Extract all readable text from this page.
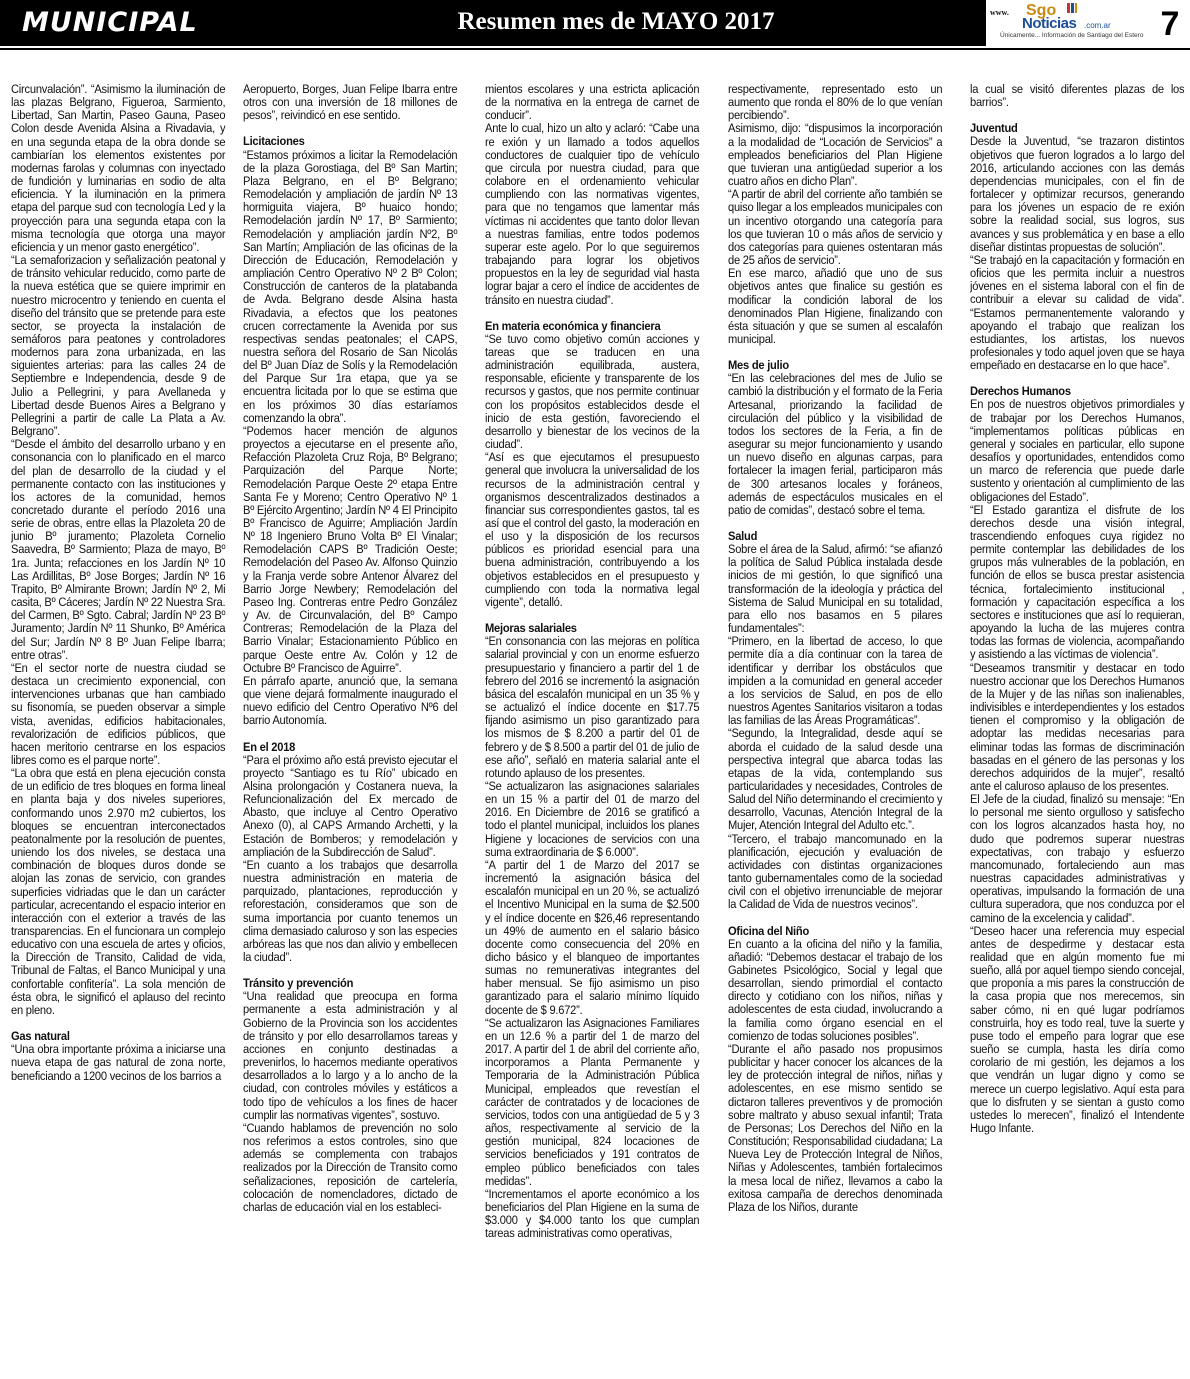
MUNICIPAL	Resumen mes de MAYO 2017	www. Sgo
Noticias .com.ar
Únicamente... Información de Santiago del Estero 7

Circunvalación”. “Asimismo la iluminación de las plazas Belgrano, Figueroa, Sarmiento, Libertad, San Martin, Paseo Gauna, Paseo Colon desde Avenida Alsina a Rivadavia, y en una segunda etapa de la obra donde se cambiarían los elementos existentes por modernas farolas y columnas con inyectado de fundición y luminarias en sodio de alta eficiencia. Y la iluminación en la primera etapa del parque sud con tecnología Led y la proyección para una segunda etapa con la misma tecnología que otorga una mayor eficiencia y un menor gasto energético”.

“La semaforizacion y señalización peatonal y de tránsito vehicular reducido, como parte de la nueva estética que se quiere imprimir en nuestro microcentro y teniendo en cuenta el diseño del tránsito que se pretende para este sector, se proyecta la instalación de semáforos para peatones y controladores modernos para zona urbanizada, en las siguientes arterias: para las calles 24 de Septiembre e Independencia, desde 9 de Julio a Pellegrini, y para Avellaneda y Libertad desde Buenos Aires a Belgrano y Pellegrini a partir de calle La Plata a Av. Belgrano”.

“Desde el ámbito del desarrollo urbano y en consonancia con lo planificado en el marco del plan de desarrollo de la ciudad y el permanente contacto con las instituciones y los actores de la comunidad, hemos concretado durante el período 2016 una serie de obras, entre ellas la Plazoleta 20 de junio Bº juramento; Plazoleta Cornelio Saavedra, Bº Sarmiento; Plaza de mayo, Bº 1ra. Junta; refacciones en los Jardín Nº 10 Las Ardillitas, Bº Jose Borges; Jardín Nº 16 Trapito, Bº Almirante Brown; Jardín Nº 2, Mi casita, Bº Cáceres; Jardín Nº 22 Nuestra Sra. del Carmen, Bº Sgto. Cabral; Jardín Nº 23 Bº Juramento; Jardín Nº 11 Shunko, Bº América del Sur; Jardín Nº 8 Bº Juan Felipe Ibarra; entre otras”.

“En el sector norte de nuestra ciudad se destaca un crecimiento exponencial, con intervenciones urbanas que han cambiado su fisonomía, se pueden observar a simple vista, avenidas, edificios habitacionales, revalorización de edificios públicos, que hacen meritorio centrarse en los espacios libres como es el parque norte”.

“La obra que está en plena ejecución consta de un edificio de tres bloques en forma lineal en planta baja y dos niveles superiores, conformando unos 2.970 m2 cubiertos, los bloques se encuentran interconectados peatonalmente por la resolución de puentes, uniendo los dos niveles, se destaca una combinación de bloques duros donde se alojan las zonas de servicio, con grandes superficies vidriadas que le dan un carácter particular, acrecentando el espacio interior en interacción con el exterior a través de las transparencias. En el funcionara un complejo educativo con una escuela de artes y oficios, la Dirección de Transito, Calidad de vida, Tribunal de Faltas, el Banco Municipal y una confortable confitería”. La sola mención de ésta obra, le significó el aplauso del recinto en pleno.

Gas natural

“Una obra importante próxima a iniciarse una nueva etapa de gas natural de zona norte, beneficiando a 1200 vecinos de los barrios a

Aeropuerto, Borges, Juan Felipe Ibarra entre otros con una inversión de 18 millones de pesos”, reivindicó en ese sentido.

Licitaciones

“Estamos próximos a licitar la Remodelación de la plaza Gorostiaga, del Bº San Martin; Plaza Belgrano, en el Bº Belgrano; Remodelación y ampliación de jardín Nº 13 hormiguita viajera, Bº huaico hondo; Remodelación jardín Nº 17, Bº Sarmiento; Remodelación y ampliación jardín Nº2, Bº San Martín; Ampliación de las oficinas de la Dirección de Educación, Remodelación y ampliación Centro Operativo Nº 2 Bº Colon; Construcción de canteros de la platabanda de Avda. Belgrano desde Alsina hasta Rivadavia, a efectos que los peatones crucen correctamente la Avenida por sus respectivas sendas peatonales; el CAPS, nuestra señora del Rosario de San Nicolás del Bº Juan Díaz de Solís y la Remodelación del Parque Sur 1ra etapa, que ya se encuentra licitada por lo que se estima que en los próximos 30 días estaríamos comenzando la obra”.

“Podemos hacer mención de algunos proyectos a ejecutarse en el presente año, Refacción Plazoleta Cruz Roja, Bº Belgrano; Parquización del Parque Norte; Remodelación Parque Oeste 2º etapa Entre Santa Fe y Moreno; Centro Operativo Nº 1 Bº Ejército Argentino; Jardín Nº 4 El Principito Bº Francisco de Aguirre; Ampliación Jardín Nº 18 Ingeniero Bruno Volta Bº El Vinalar; Remodelación CAPS Bº Tradición Oeste; Remodelación del Paseo Av. Alfonso Quinzio y la Franja verde sobre Antenor Álvarez del Barrio Jorge Newbery; Remodelación del Paseo Ing. Contreras entre Pedro González y Av. de Circunvalación, del Bº Campo Contreras; Remodelación de la Plaza del Barrio Vinalar; Estacionamiento Público en parque Oeste entre Av. Colón y 12 de Octubre Bº Francisco de Aguirre”.

En párrafo aparte, anunció que, la semana que viene dejará formalmente inaugurado el nuevo edificio del Centro Operativo Nº6 del barrio Autonomía.

En el 2018

“Para el próximo año está previsto ejecutar el proyecto “Santiago es tu Río” ubicado en Alsina prolongación y Costanera nueva, la Refuncionalización del Ex mercado de Abasto, que incluye al Centro Operativo Anexo (0), al CAPS Armando Archetti, y la Estación de Bomberos; y remodelación y ampliación de la Subdirección de Salud”.

“En cuanto a los trabajos que desarrolla nuestra administración en materia de parquizado, plantaciones, reproducción y reforestación, consideramos que son de suma importancia por cuanto tenemos un clima demasiado caluroso y son las especies arbóreas las que nos dan alivio y embellecen la ciudad”.

Tránsito y prevención

“Una realidad que preocupa en forma permanente a esta administración y al Gobierno de la Provincia son los accidentes de tránsito y por ello desarrollamos tareas y acciones en conjunto destinadas a prevenirlos, lo hacemos mediante operativos desarrollados a lo largo y a lo ancho de la ciudad, con controles móviles y estáticos a todo tipo de vehículos a los fines de hacer cumplir las normativas vigentes”, sostuvo.

“Cuando hablamos de prevención no solo nos referimos a estos controles, sino que además se complementa con trabajos realizados por la Dirección de Transito como señalizaciones, reposición de cartelería, colocación de nomencladores, dictado de charlas de educación vial en los estableci-

mientos escolares y una estricta aplicación de la normativa en la entrega de carnet de conducir”.

Ante lo cual, hizo un alto y aclaró: “Cabe una re exión y un llamado a todos aquellos conductores de cualquier tipo de vehículo que circula por nuestra ciudad, para que colabore en el ordenamiento vehicular cumpliendo con las normativas vigentes, para que no tengamos que lamentar más víctimas ni accidentes que tanto dolor llevan a nuestras familias, entre todos podemos superar este agelo. Por lo que seguiremos trabajando para lograr los objetivos propuestos en la ley de seguridad vial hasta lograr bajar a cero el índice de accidentes de tránsito en nuestra ciudad”.

En materia económica y financiera

“Se tuvo como objetivo común acciones y tareas que se traducen en una administración equilibrada, austera, responsable, eficiente y transparente de los recursos y gastos, que nos permite continuar con los propósitos establecidos desde el inicio de esta gestión, favoreciendo el desarrollo y bienestar de los vecinos de la ciudad”.

“Así es que ejecutamos el presupuesto general que involucra la universalidad de los recursos de la administración central y organismos descentralizados destinados a financiar sus correspondientes gastos, tal es así que el control del gasto, la moderación en el uso y la disposición de los recursos públicos es prioridad esencial para una buena administración, contribuyendo a los objetivos establecidos en el presupuesto y cumpliendo con toda la normativa legal vigente”, detalló.

Mejoras salariales

“En consonancia con las mejoras en política salarial provincial y con un enorme esfuerzo presupuestario y financiero a partir del 1 de febrero del 2016 se incrementó la asignación básica del escalafón municipal en un 35 % y se actualizó el índice docente en $17.75 fijando asimismo un piso garantizado para los mismos de $ 8.200 a partir del 01 de febrero y de $ 8.500 a partir del 01 de julio de ese año”, señaló en materia salarial ante el rotundo aplauso de los presentes.

“Se actualizaron las asignaciones salariales en un 15 % a partir del 01 de marzo del 2016. En Diciembre de 2016 se gratificó a todo el plantel municipal, incluidos los planes Higiene y locaciones de servicios con una suma extraordinaria de $ 6.000”.

“A partir del 1 de Marzo del 2017 se incrementó la asignación básica del escalafón municipal en un 20 %, se actualizó el Incentivo Municipal en la suma de $2.500 y el índice docente en $26,46 representando un 49% de aumento en el salario básico docente como consecuencia del 20% en dicho básico y el blanqueo de importantes sumas no remunerativas integrantes del haber mensual. Se fijo asimismo un piso garantizado para el salario mínimo líquido docente de $ 9.672”.

“Se actualizaron las Asignaciones Familiares en un 12.6 % a partir del 1 de marzo del 2017. A partir del 1 de abril del corriente año, incorporamos a Planta Permanente y Temporaria de la Administración Pública Municipal, empleados que revestían el carácter de contratados y de locaciones de servicios, todos con una antigüedad de 5 y 3 años, respectivamente al servicio de la gestión municipal, 824 locaciones de servicios beneficiados y 191 contratos de empleo público beneficiados con tales medidas”.

“Incrementamos el aporte económico a los beneficiarios del Plan Higiene en la suma de $3.000 y $4.000 tanto los que cumplan tareas administrativas como operativas,

respectivamente, representado esto un aumento que ronda el 80% de lo que venían percibiendo”.

Asimismo, dijo: “dispusimos la incorporación a la modalidad de “Locación de Servicios” a empleados beneficiarios del Plan Higiene que tuvieran una antigüedad superior a los cuatro años en dicho Plan”.

“A partir de abril del corriente año también se quiso llegar a los empleados municipales con un incentivo otorgando una categoría para los que tuvieran 10 o más años de servicio y dos categorías para quienes ostentaran más de 25 años de servicio”.

En ese marco, añadió que uno de sus objetivos antes que finalice su gestión es modificar la condición laboral de los denominados Plan Higiene, finalizando con ésta situación y que se sumen al escalafón municipal.

Mes de julio

“En las celebraciones del mes de Julio se cambió la distribución y el formato de la Feria Artesanal, priorizando la facilidad de circulación del público y la visibilidad de todos los sectores de la Feria, a fin de asegurar su mejor funcionamiento y usando un nuevo diseño en algunas carpas, para fortalecer la imagen ferial, participaron más de 300 artesanos locales y foráneos, además de espectáculos musicales en el patio de comidas”, destacó sobre el tema.

Salud

Sobre el área de la Salud, afirmó: “se afianzó la política de Salud Pública instalada desde inicios de mi gestión, lo que significó una transformación de la ideología y práctica del Sistema de Salud Municipal en su totalidad, para ello nos basamos en 5 pilares fundamentales”:

“Primero, en la libertad de acceso, lo que permite día a día continuar con la tarea de identificar y derribar los obstáculos que impiden a la comunidad en general acceder a los servicios de Salud, en pos de ello nuestros Agentes Sanitarios visitaron a todas las familias de las Áreas Programáticas”.

“Segundo, la Integralidad, desde aquí se aborda el cuidado de la salud desde una perspectiva integral que abarca todas las etapas de la vida, contemplando sus particularidades y necesidades, Controles de Salud del Niño determinando el crecimiento y desarrollo, Vacunas, Atención Integral de la Mujer, Atención Integral del Adulto etc.”.

“Tercero, el trabajo mancomunado en la planificación, ejecución y evaluación de actividades con distintas organizaciones tanto gubernamentales como de la sociedad civil con el objetivo irrenunciable de mejorar la Calidad de Vida de nuestros vecinos”.

Oficina del Niño

En cuanto a la oficina del niño y la familia, añadió: “Debemos destacar el trabajo de los Gabinetes Psicológico, Social y legal que desarrollan, siendo primordial el contacto directo y cotidiano con los niños, niñas y adolescentes de esta ciudad, involucrando a la familia como órgano esencial en el comienzo de todas soluciones posibles”.

“Durante el año pasado nos propusimos publicitar y hacer conocer los alcances de la ley de protección integral de niños, niñas y adolescentes, en ese mismo sentido se dictaron talleres preventivos y de promoción sobre maltrato y abuso sexual infantil; Trata de Personas; Los Derechos del Niño en la Constitución; Responsabilidad ciudadana; La Nueva Ley de Protección Integral de Niños, Niñas y Adolescentes, también fortalecimos la mesa local de niñez, llevamos a cabo la exitosa campaña de derechos denominada Plaza de los Niños, durante

la cual se visitó diferentes plazas de los barrios”.

Juventud

Desde la Juventud, “se trazaron distintos objetivos que fueron logrados a lo largo del 2016, articulando acciones con las demás dependencias municipales, con el fin de fortalecer y optimizar recursos, generando para los jóvenes un espacio de re exión sobre la realidad social, sus logros, sus avances y sus problemática y en base a ello diseñar distintas propuestas de solución”.

“Se trabajó en la capacitación y formación en oficios que les permita incluir a nuestros jóvenes en el sistema laboral con el fin de contribuir a elevar su calidad de vida”. “Estamos permanentemente valorando y apoyando el trabajo que realizan los estudiantes, los artistas, los nuevos profesionales y todo aquel joven que se haya empeñado en destacarse en lo que hace”.

Derechos Humanos

En pos de nuestros objetivos primordiales y de trabajar por los Derechos Humanos, “implementamos políticas públicas en general y sociales en particular, ello supone desafíos y oportunidades, entendidos como un marco de referencia que puede darle sustento y orientación al cumplimiento de las obligaciones del Estado”.

“El Estado garantiza el disfrute de los derechos desde una visión integral, trascendiendo enfoques cuya rigidez no permite contemplar las debilidades de los grupos más vulnerables de la población, en función de ellos se busca prestar asistencia técnica, fortalecimiento institucional , formación y capacitación específica a los sectores e instituciones que así lo requieran, apoyando la lucha de las mujeres contra todas las formas de violencia, acompañando y asistiendo a las víctimas de violencia”.

“Deseamos transmitir y destacar en todo nuestro accionar que los Derechos Humanos de la Mujer y de las niñas son inalienables, indivisibles e interdependientes y los estados tienen el compromiso y la obligación de adoptar las medidas necesarias para eliminar todas las formas de discriminación basadas en el género de las personas y los derechos adquiridos de la mujer”, resaltó ante el caluroso aplauso de los presentes.

El Jefe de la ciudad, finalizó su mensaje: “En lo personal me siento orgulloso y satisfecho con los logros alcanzados hasta hoy, no dudo que podremos superar nuestras expectativas, con trabajo y esfuerzo mancomunado, fortaleciendo aun mas nuestras capacidades administrativas y operativas, impulsando la formación de una cultura superadora, que nos conduzca por el camino de la excelencia y calidad”.

“Deseo hacer una referencia muy especial antes de despedirme y destacar esta realidad que en algún momento fue mi sueño, allá por aquel tiempo siendo concejal, que proponía a mis pares la construcción de la casa propia que nos merecemos, sin saber cómo, ni en qué lugar podríamos construirla, hoy es todo real, tuve la suerte y puse todo el empeño para lograr que ese sueño se cumpla, hasta les diría como corolario de mi gestión, les dejamos a los que vendrán un lugar digno y como se merece un cuerpo legislativo. Aquí esta para que lo disfruten y se sientan a gusto como ustedes lo merecen”, finalizó el Intendente Hugo Infante.
